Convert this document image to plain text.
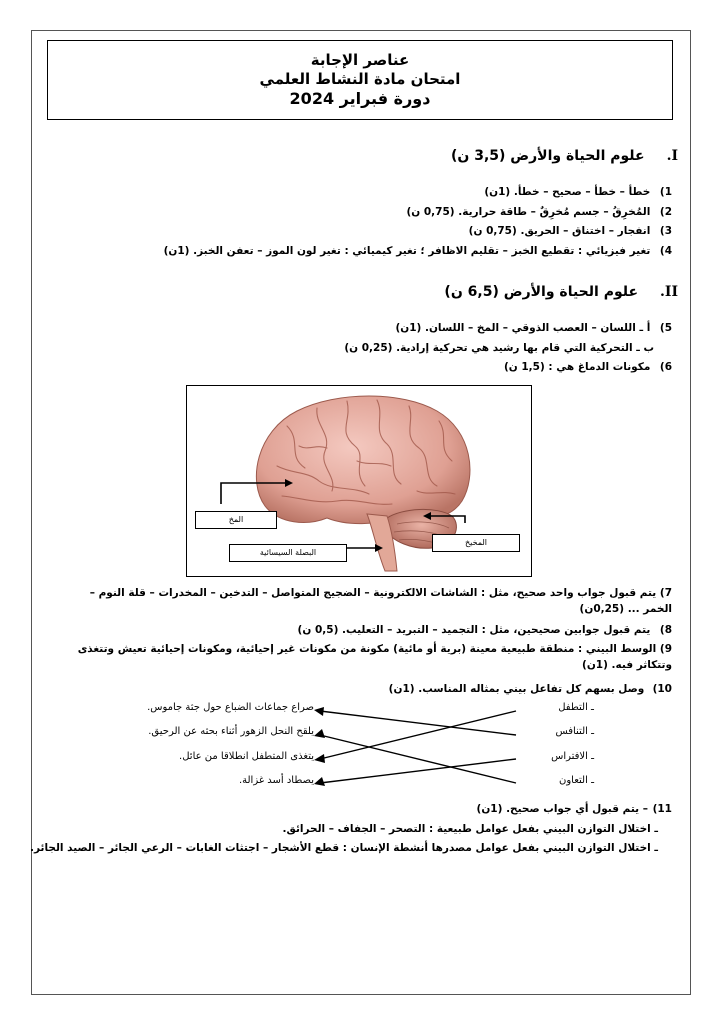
عناصر الإجابة
امتحان مادة النشاط العلمي
دورة فبراير 2024
I.علوم الحياة والأرض (3,5 ن)
1) خطأ – خطأ – صحيح – خطأ. (1ن)
2) المُخرِقُ – جسم مُخرِقٌ – طاقة حرارية. (0,75 ن)
3) انفجار – اختناق – الحريق. (0,75 ن)
4) تغير فيزيائي : تقطيع الخبز – تقليم الاظافر ؛ تغير كيميائي : تغير لون الموز – تعفن الخبز. (1ن)
II.علوم الحياة والأرض (6,5 ن)
5) أ ـ اللسان – العصب الذوقي – المخ – اللسان. (1ن)
ب ـ التحركية التي قام بها رشيد هي تحركية إرادية. (0,25 ن)
6) مكونات الدماغ هي : (1,5 ن)
المخ
المخيخ
البصلة السيسائية
7) يتم قبول جواب واحد صحيح، مثل : الشاشات الالكترونية – الضجيج المتواصل – التدخين – المخدرات – قلة النوم – الخمر ... (0,25ن)
8) يتم قبول جوابين صحيحين، مثل : التجميد – التبريد – التعليب. (0,5 ن)
9) الوسط البيني : منطقة طبيعية معينة (برية أو مائية) مكونة من مكونات غير إحيائية، ومكونات إحيائية تعيش وتتغذى وتتكاثر فيه. (1ن)
10) وصل بسهم كل تفاعل بيني بمثاله المناسب. (1ن)
ـ التطفل
ـ التنافس
ـ الافتراس
ـ التعاون
صراع جماعات الضباع حول جثة جاموس.
يلقح النحل الزهور أثناء بحثه عن الرحيق.
يتغذى المتطفل انطلاقا من عائل.
يصطاد أسد غزالة.
11)– يتم قبول أي جواب صحيح. (1ن)
ـ اختلال التوازن البيني بفعل عوامل طبيعية : التصحر – الجفاف – الحرائق.
ـ اختلال التوازن البيني بفعل عوامل مصدرها أنشطة الإنسان : قطع الأشجار – اجتثات الغابات – الرعي الجائر – الصيد الجائر.
